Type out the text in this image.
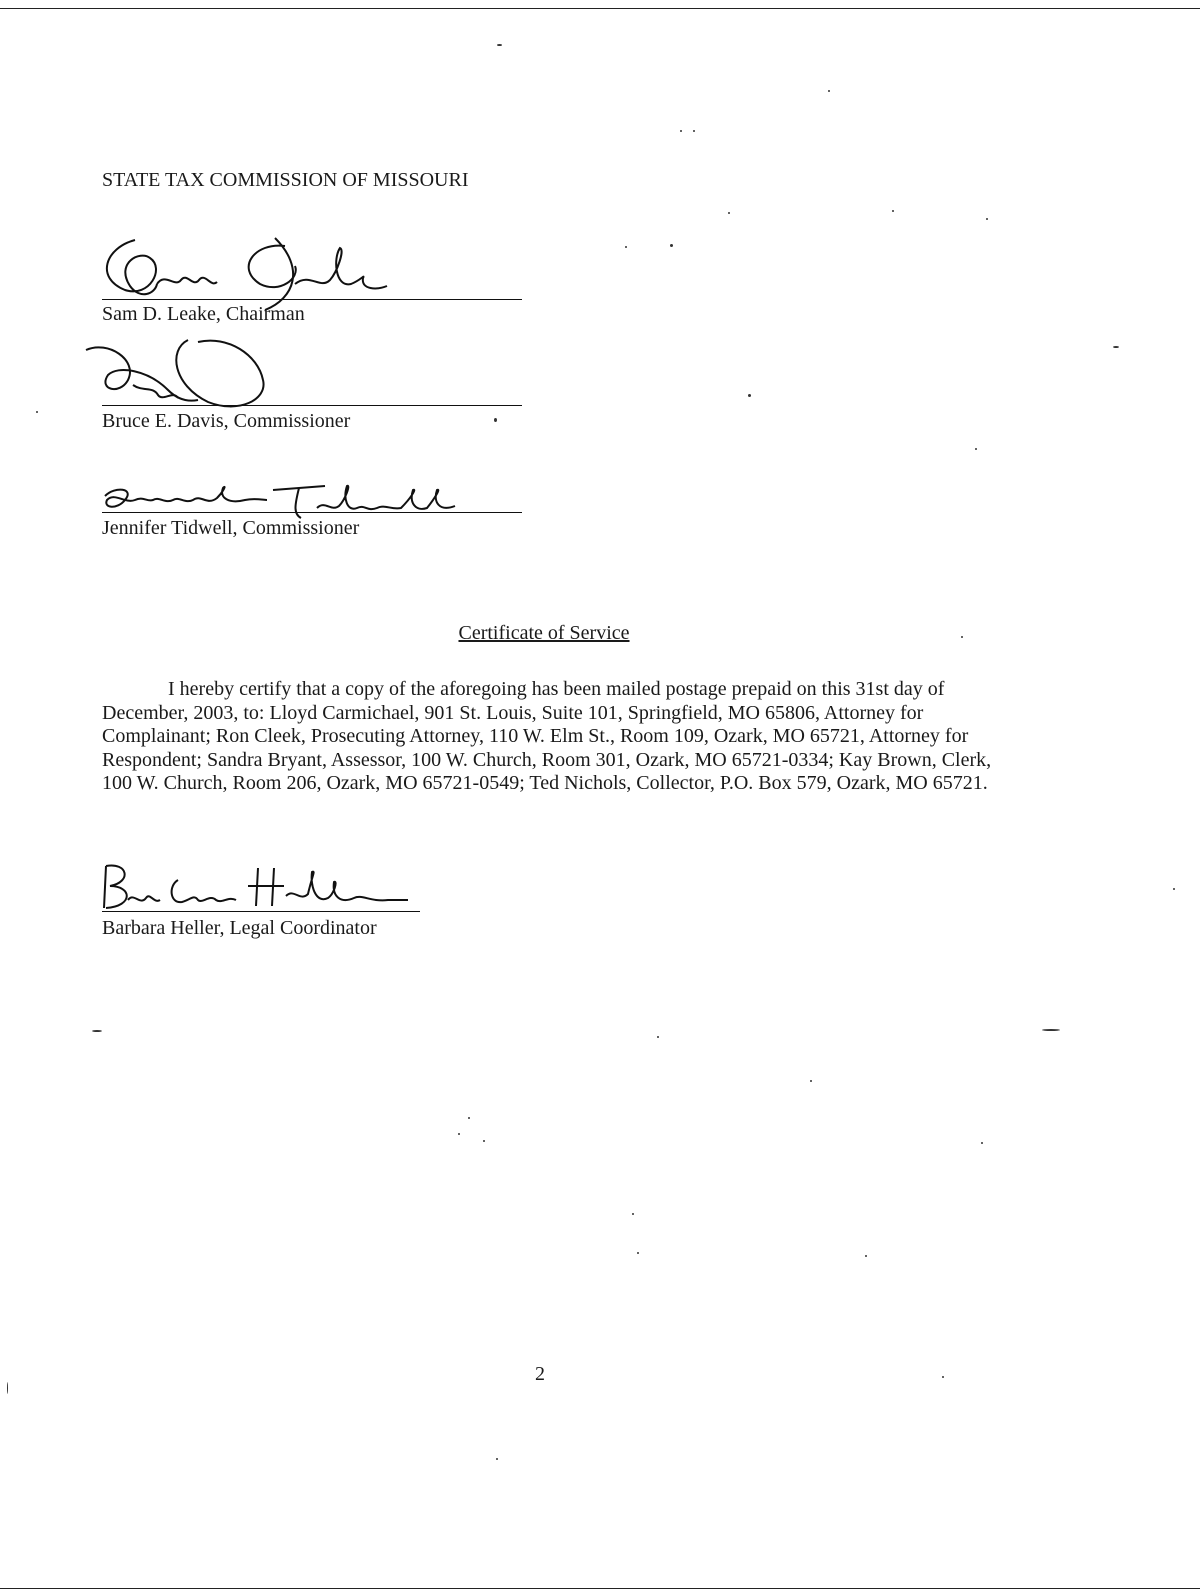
STATE TAX COMMISSION OF MISSOURI
Sam D. Leake, Chairman
Bruce E. Davis, Commissioner
Jennifer Tidwell, Commissioner
Certificate of Service
I hereby certify that a copy of the aforegoing has been mailed postage prepaid on this 31st day of December, 2003, to: Lloyd Carmichael, 901 St. Louis, Suite 101, Springfield, MO 65806, Attorney for Complainant; Ron Cleek, Prosecuting Attorney, 110 W. Elm St., Room 109, Ozark, MO 65721, Attorney for Respondent; Sandra Bryant, Assessor, 100 W. Church, Room 301, Ozark, MO 65721-0334; Kay Brown, Clerk, 100 W. Church, Room 206, Ozark, MO 65721-0549; Ted Nichols, Collector, P.O. Box 579, Ozark, MO 65721.
Barbara Heller, Legal Coordinator
2
